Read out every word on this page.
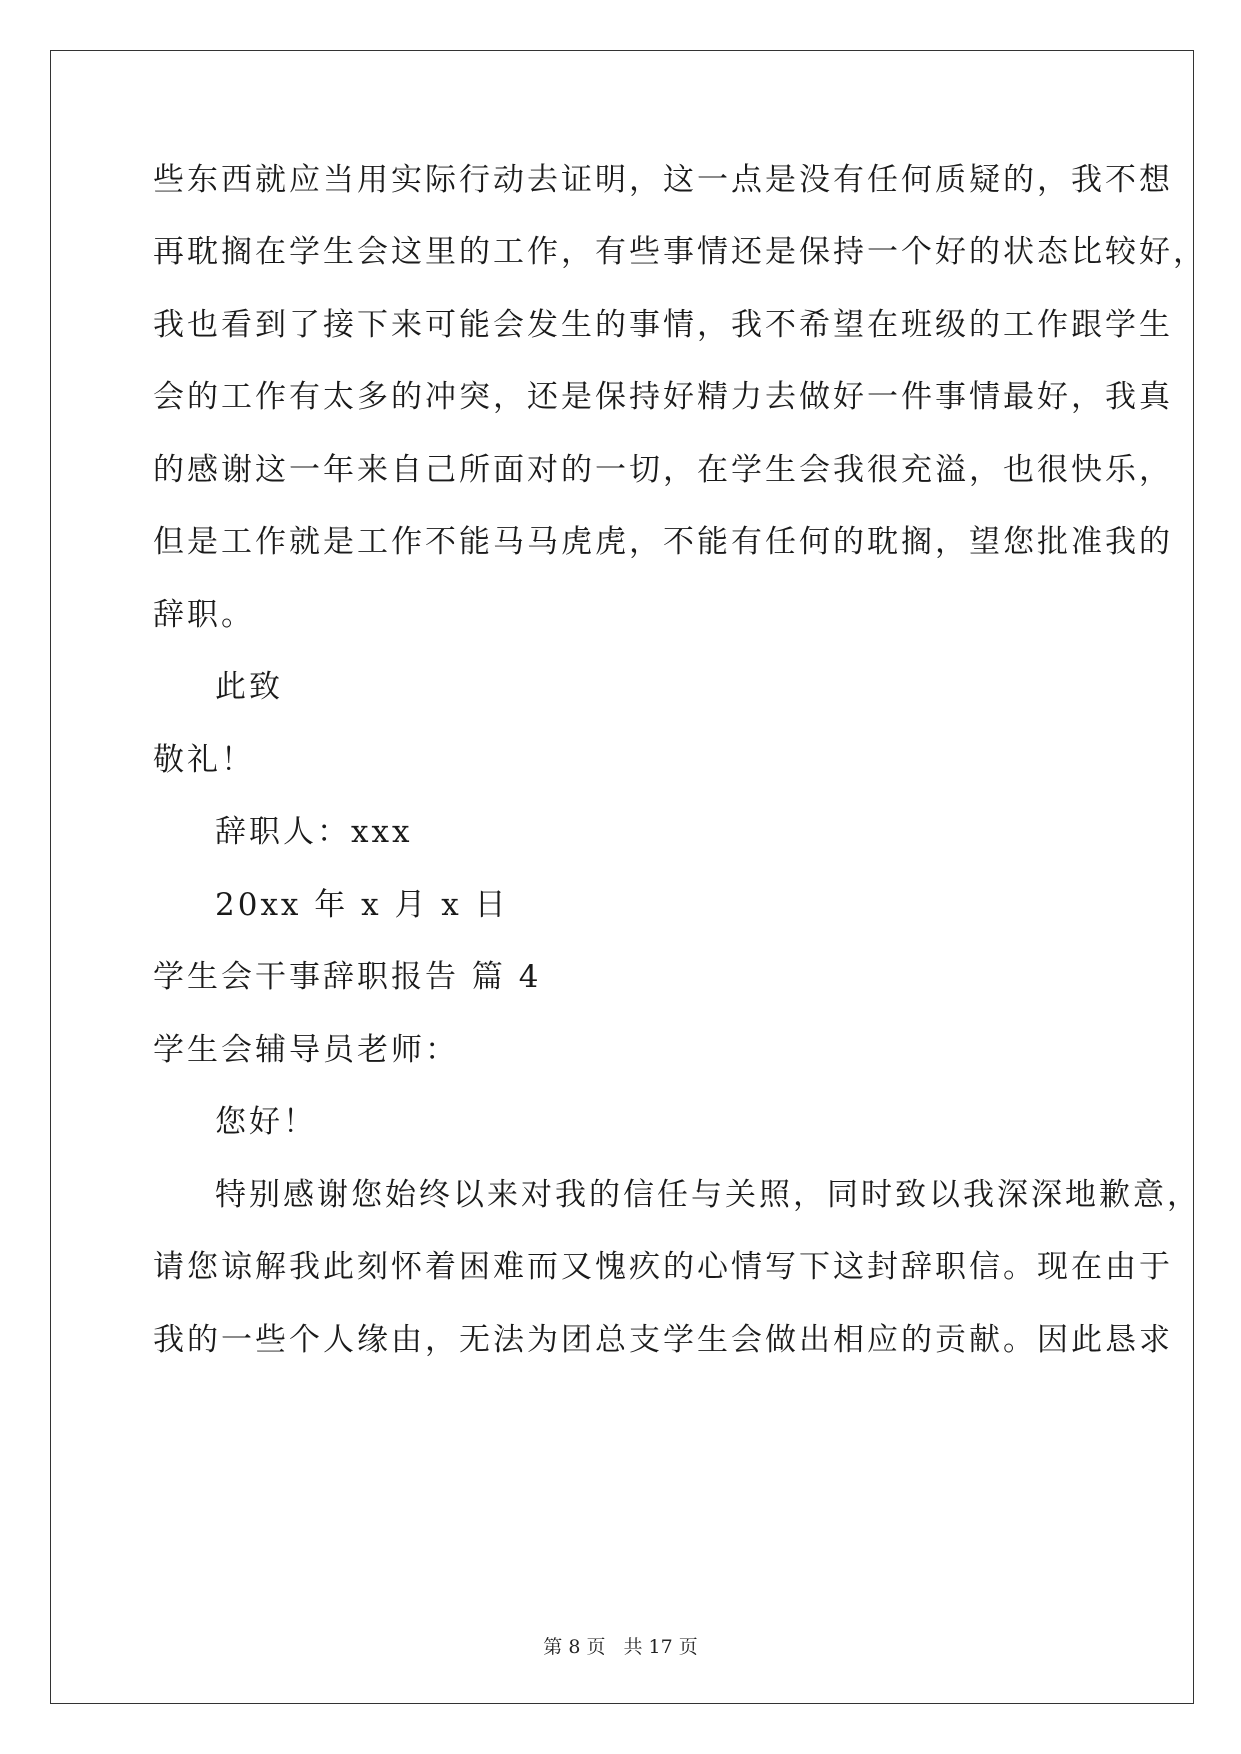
些东西就应当用实际行动去证明，这一点是没有任何质疑的，我不想
再耽搁在学生会这里的工作，有些事情还是保持一个好的状态比较好，
我也看到了接下来可能会发生的事情，我不希望在班级的工作跟学生
会的工作有太多的冲突，还是保持好精力去做好一件事情最好，我真
的感谢这一年来自己所面对的一切，在学生会我很充溢，也很快乐，
但是工作就是工作不能马马虎虎，不能有任何的耽搁，望您批准我的
辞职。
此致
敬礼！
辞职人：xxx
20xx 年 x 月 x 日
学生会干事辞职报告 篇 4
学生会辅导员老师：
您好！
特别感谢您始终以来对我的信任与关照，同时致以我深深地歉意，
请您谅解我此刻怀着困难而又愧疚的心情写下这封辞职信。现在由于
我的一些个人缘由，无法为团总支学生会做出相应的贡献。因此恳求
第 8 页 共 17 页
